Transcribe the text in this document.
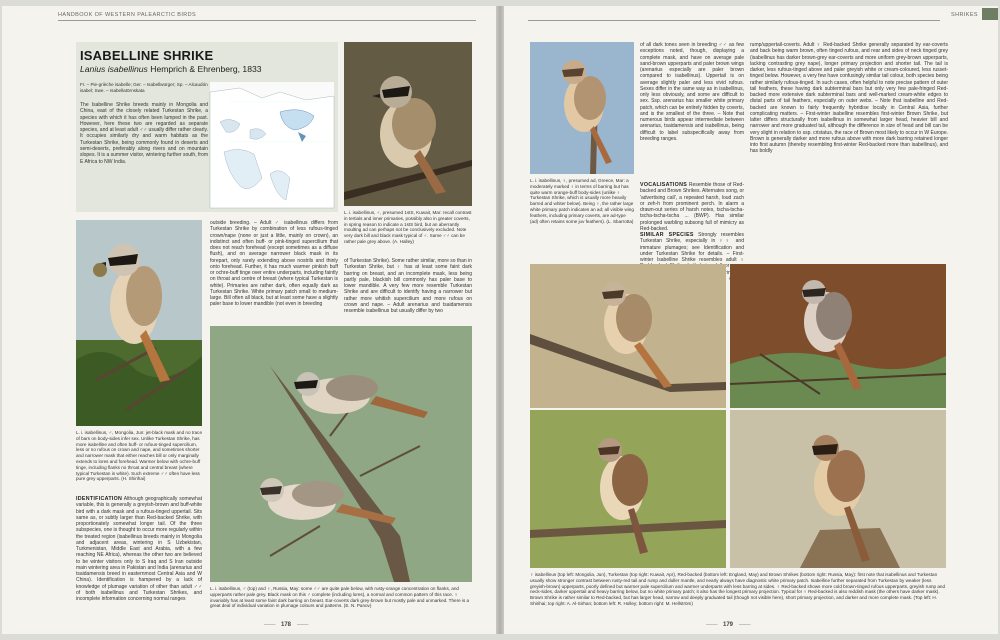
HANDBOOK OF WESTERN PALEARCTIC BIRDS
ISABELLINE SHRIKE
Lanius isabellinus Hemprich & Ehrenberg, 1833
Fr. – Pie-grièche isabelle; Ger. – Isabellwürger; Sp. – Alcaudón isabel; Swe. – Isabellatörnskata
The Isabelline Shrike breeds mainly in Mongolia and China, east of the closely related Turkestan Shrike, a species with which it has often been lumped in the past. However, here these two are regarded as separate species, and at least adult ♂♂ usually differ rather clearly. It occupies similarly dry and warm habitats as the Turkestan Shrike, being commonly found in deserts and semi-deserts, preferably along rivers and on mountain slopes. It is a summer visitor, wintering further south, from E Africa to NW India.
L. i. isabellinus, ♂, presumed 1stS, Kuwait, Mar: recall contrast in tertials and inner primaries, possibly also in greater coverts, in spring reason to indicate a 1stS bird, but an aberrantly moulting ad can perhaps not be conclusively excluded. Note very dark bill and black mask typical of ♂. Same ♂♂ can be rather pale grey above. (A. Halley)
L. i. isabellinus, ♂, Mongolia, Jun: jet-black mask and no trace of bars on body-sides infer sex. Unlike Turkestan Shrike, has more isabelline and often buff- or rufous-tinged supercilium, less or no rufous on crown and nape, and sometimes shorter and narrower mask that either reaches bill or only marginally extends to lores and forehead. Warmer below with ochre-buff tinge, including flanks no throat and central breast (where typical Turkestan is white). Such extreme ♂♂ often have less pure grey upperparts. (H. Shirihai)
IDENTIFICATION Although geographically somewhat variable, this is generally a greyish-brown and buff-white bird with a dark mask and a rufous-tinged uppertail. Sits same as, or subtly larger than Red-backed Shrike, with proportionately somewhat longer tail. Of the three subspecies, one is thought to occur more regularly within the treated region (isabellinus breeds mainly in Mongolia and adjacent areas, wintering in S Uzbekistan, Turkmenistan, Middle East and Arabia, with a few reaching NE Africa), whereas the other two are believed to be winter visitors only to S Iraq and S Iran outside main wintering area in Pakistan and India (arenarius and tsaidamensis breed in easternmost Central Asia and W China). Identification is hampered by a lack of knowledge of plumage variation of other than adult ♂♂ of both isabellinus and Turkestan Shrikes, and incomplete information concerning normal ranges
outside breeding. – Adult ♂ isabellinus differs from Turkestan Shrike by combination of less rufous-tinged crown/nape (none or just a little, mainly on crown), an indistinct and often buff- or pink-tinged supercilium that does not reach forehead (except sometimes as a diffuse flush), and on average narrower black mask in its forepart, only rarely extending above nostrils and thinly onto forehead. Further, it has much warmer pinkish buff or ochre-buff tinge over entire underparts, including faintly on throat and centre of breast (where typical Turkestan is white). Primaries are rather dark, often equally dark as Turkestan Shrike. White primary patch small to medium-large. Bill often all black, but at least some have a slightly paler base to lower mandible (not even in breeding
of Turkestan Shrike). Some rather similar, more so than in Turkestan Shrike, but ♀ has at least some faint dark barring on breast, and an incomplete mask, less being partly pale, blackish bill commonly has paler base to lower mandible. A very few more resemble Turkestan Shrike and are difficult to identify having a narrower but rather more whitish supercilium and more rufous on crown and nape. – Adult arenarius and tsaidamensis resemble isabellinus but usually differ by two
L. i. isabellinus, ♂ (top) and ♀, Russia, May: some ♂♂ are quite pale below, with rusty-orange concentration on flanks, and upperparts rather pale grey. Black mask on this ♂ complete (including lores), a normal and common pattern of this race. ♀ invariably has at least some faint dark barring on breast. Ear-coverts dark grey-brown but mostly pale and unmarked. There is a great deal of individual variation in plumage colours and patterns. (E. N. Panov)
—— 178 ——
SHRIKES
L. i. isabellinus, ♀, presumed ad, Greece, Mar: a moderately marked ♀ in terms of barring but has quite warm orange-buff body-sides (unlike ♀ Turkestan Shrike, which is usually more heavily barred and whiter below). Being ♀, the rather large white primary patch indicates an ad; all visible wing feathers, including primary coverts, are ad-type (ad) often retains some juv feathers). (L. Sbarrotta)
of all dark tones seen in breeding ♂♂ as few exceptions noted, though, displaying a complete mask, and have on average pale sand-brown upperparts and paler brown wings (arenarius especially are paler brown compared to isabellinus). Uppertail is on average slightly paler and less vivid rufous. Sexes differ in the same way as in isabellinus, only less obviously, and some are difficult to sex. Ssp. arenarius has smaller white primary patch, which can be entirely hidden by coverts, and is the smallest of the three. – Note that numerous birds appear intermediate between arenarius, tsaidamensis and isabellinus, being difficult to label subspecifically away from breeding ranges.
VOCALISATIONS Resemble those of Red-backed and Brown Shrikes. Alternates song, or 'advertising call', a repeated harsh, loud zach or zeh-h from prominent perch. In alarm a drawn-out series of harsh notes, tscha-tscha-tscha-tscha-tscha ... (BWP). Has similar prolonged warbling subsong full of mimicry as Red-backed.
SIMILAR SPECIES Strongly resembles Turkestan Shrike, especially in ♀♀ and immature plumages; see Identification and under Turkestan Shrike for details. – First-winter Isabelline Shrike resembles adult ♀ or
rump/uppertail-coverts. Adult ♀ Red-backed Shrike generally separated by ear-coverts and back being warm brown, often tinged rufous, and rear and sides of neck tinged grey (isabellinus has darker brown-grey ear-coverts and more uniform grey-brown upperparts, lacking contrasting grey nape), longer primary projection and shorter tail. The tail is darker, less rufous-tinged above and paler greyish white or cream-coloured, less russet-tinged below. However, a very few have confusingly similar tail colour, both species being rather similarly rufous-tinged. In such cases, often helpful to note precise pattern of outer tail feathers, these having dark subterminal bars but only very few pale-fringed Red-backed more extensive dark subterminal bars and well-marked cream-white edges to distal parts of tail feathers, especially on outer webs. – Note that isabelline and Red-backed are known to fairly frequently hybridise locally in Central Asia, further complicating matters. – First-winter isabelline resembles first-winter Brown Shrike, but latter differs structurally from isabellinus in somewhat larger head, heavier bill and narrower and more graduated tail, although the difference in size of head and bill can be very slight in relation to ssp. cristatus, the race of Brown most likely to occur in W Europe. Brown is generally darker and more rufous above with more dark barring retained longer into first autumn (thereby resembling first-winter Red-backed more than isabellinus), and has boldly
♀ isabellinus (top left: Mongolia, Jun), Turkestan (top right: Kuwait, Apr), Red-backed (bottom left: England, May) and Brown Shrikes (bottom right: Russia, May): first note that isabellinus and Turkestan usually show stronger contrast between rusty-red tail and rump and duller mantle, and nearly always have diagnostic white primary patch. Isabelline further separated from Turkestan by weaker (less greyish-brown) upperparts, poorly defined but warmer pale supercilium and warmer underparts with less barring at sides. ♀ Red-backed shows more cold brown-tinged rufous upperparts, greyish rump and neck-sides, darker uppertail and heavy barring below, but no white primary patch; it also has the longest primary projection. Typical for ♀ Red-backed is also reddish mask (the others have darker mask). Brown Shrike is rather similar to Red-backed, but has larger head, narrow and deeply graduated tail (though not visible here), short primary projection, and darker and more complete mask. (Top left: H. Shirihai; top right: A. Al-Sirhan; bottom left: R. Holley; bottom right: M. Hellström)
—— 179 ——
